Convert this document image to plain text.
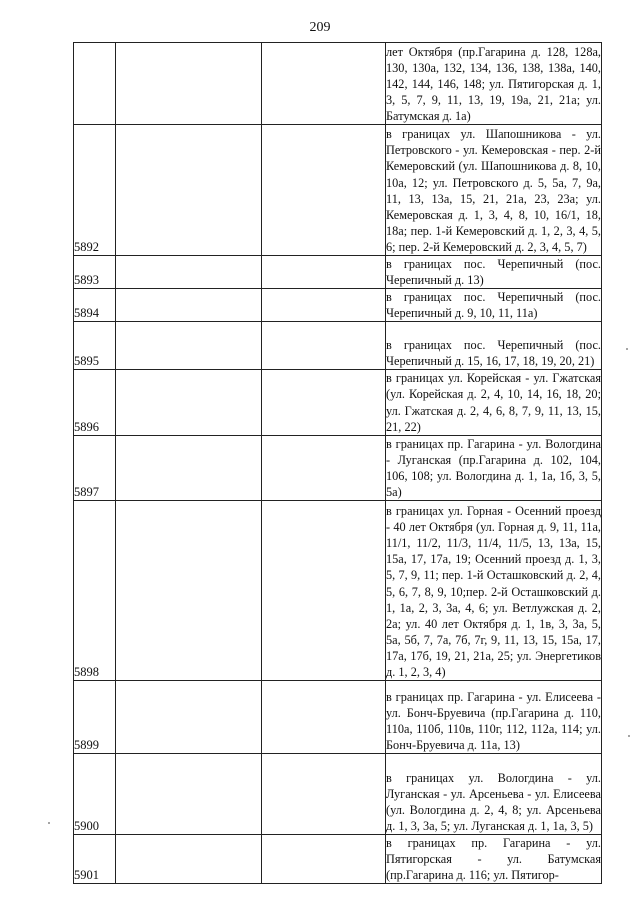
209
			лет Октября (пр.Гагарина д. 128, 128а, 130, 130а, 132, 134, 136, 138, 138а, 140, 142, 144, 146, 148; ул. Пятигорская д. 1, 3, 5, 7, 9, 11, 13, 19, 19а, 21, 21а; ул. Батумская д. 1а)
5892			в границах ул. Шапошникова - ул. Петровского - ул. Кемеровская - пер. 2-й Кемеровский (ул. Шапошникова д. 8, 10, 10а, 12; ул. Петровского д. 5, 5а, 7, 9а, 11, 13, 13а, 15, 21, 21а, 23, 23а; ул. Кемеровская д. 1, 3, 4, 8, 10, 16/1, 18, 18а; пер. 1-й Кемеровский д. 1, 2, 3, 4, 5, 6; пер. 2-й Кемеровский д. 2, 3, 4, 5, 7)
5893			в границах пос. Черепичный (пос. Черепичный д. 13)
5894			в границах пос. Черепичный (пос. Черепичный д. 9, 10, 11, 11а)
5895			в границах пос. Черепичный (пос. Черепичный д. 15, 16, 17, 18, 19, 20, 21)
5896			в границах ул. Корейская - ул. Гжатская (ул. Корейская д. 2, 4, 10, 14, 16, 18, 20; ул. Гжатская д. 2, 4, 6, 8, 7, 9, 11, 13, 15, 21, 22)
5897			в границах пр. Гагарина - ул. Вологдина - Луганская (пр.Гагарина д. 102, 104, 106, 108; ул. Вологдина д. 1, 1а, 1б, 3, 5, 5а)
5898			в границах ул. Горная - Осенний проезд - 40 лет Октября (ул. Горная д. 9, 11, 11а, 11/1, 11/2, 11/3, 11/4, 11/5, 13, 13а, 15, 15а, 17, 17а, 19; Осенний проезд д. 1, 3, 5, 7, 9, 11; пер. 1-й Осташковский д. 2, 4, 5, 6, 7, 8, 9, 10;пер. 2-й Осташковский д. 1, 1а, 2, 3, 3а, 4, 6; ул. Ветлужская д. 2, 2а; ул. 40 лет Октября д. 1, 1в, 3, 3а, 5, 5а, 5б, 7, 7а, 7б, 7г, 9, 11, 13, 15, 15а, 17, 17а, 17б, 19, 21, 21а, 25; ул. Энергетиков д. 1, 2, 3, 4)
5899			в границах пр. Гагарина - ул. Елисеева - ул. Бонч-Бруевича (пр.Гагарина д. 110, 110а, 110б, 110в, 110г, 112, 112а, 114; ул. Бонч-Бруевича д. 11а, 13)
5900			в границах ул. Вологдина - ул. Луганская - ул. Арсеньева - ул. Елисеева (ул. Вологдина д. 2, 4, 8; ул. Арсеньева д. 1, 3, 3а, 5; ул. Луганская д. 1, 1а, 3, 5)
5901			в границах пр. Гагарина - ул. Пятигорская - ул. Батумская (пр.Гагарина д. 116; ул. Пятигор-
